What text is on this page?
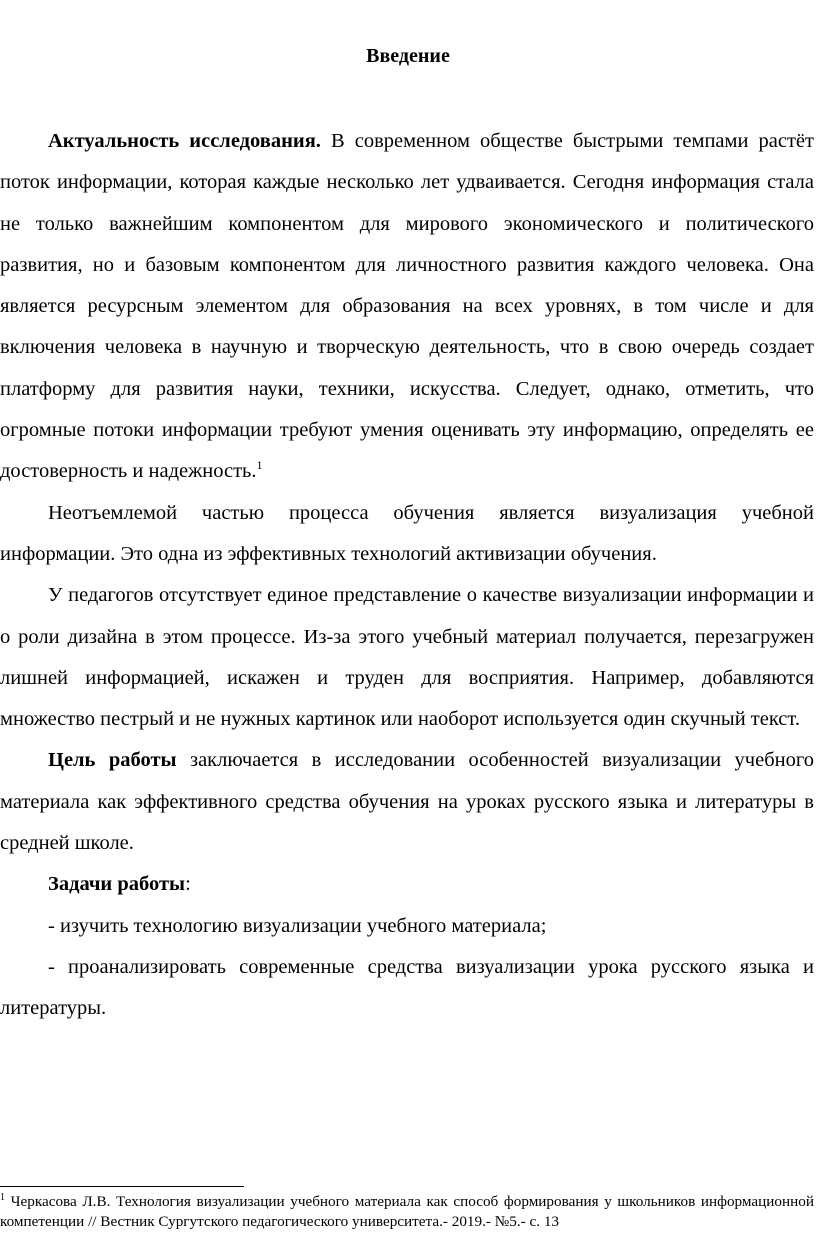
Введение

Актуальность исследования. В современном обществе быстрыми темпами растёт поток информации, которая каждые несколько лет удваивается. Сегодня информация стала не только важнейшим компонентом для мирового экономического и политического развития, но и базовым компонентом для личностного развития каждого человека. Она является ресурсным элементом для образования на всех уровнях, в том числе и для включения человека в научную и творческую деятельность, что в свою очередь создает платформу для развития науки, техники, искусства. Следует, однако, отметить, что огромные потоки информации требуют умения оценивать эту информацию, определять ее достоверность и надежность.$^1$

Неотъемлемой частью процесса обучения является визуализация учебной информации. Это одна из эффективных технологий активизации обучения.

У педагогов отсутствует единое представление о качестве визуализации информации и о роли дизайна в этом процессе. Из-за этого учебный материал получается, перезагружен лишней информацией, искажен и труден для восприятия. Например, добавляются множество пестрый и не нужных картинок или наоборот используется один скучный текст.

Цель работы заключается в исследовании особенностей визуализации учебного материала как эффективного средства обучения на уроках русского языка и литературы в средней школе.

Задачи работы:

- изучить технологию визуализации учебного материала;

- проанализировать современные средства визуализации урока русского языка и литературы.

$^1$ Черкасова Л.В. Технология визуализации учебного материала как способ формирования у школьников информационной компетенции // Вестник Сургутского педагогического университета.- 2019.- №5.- с. 13
